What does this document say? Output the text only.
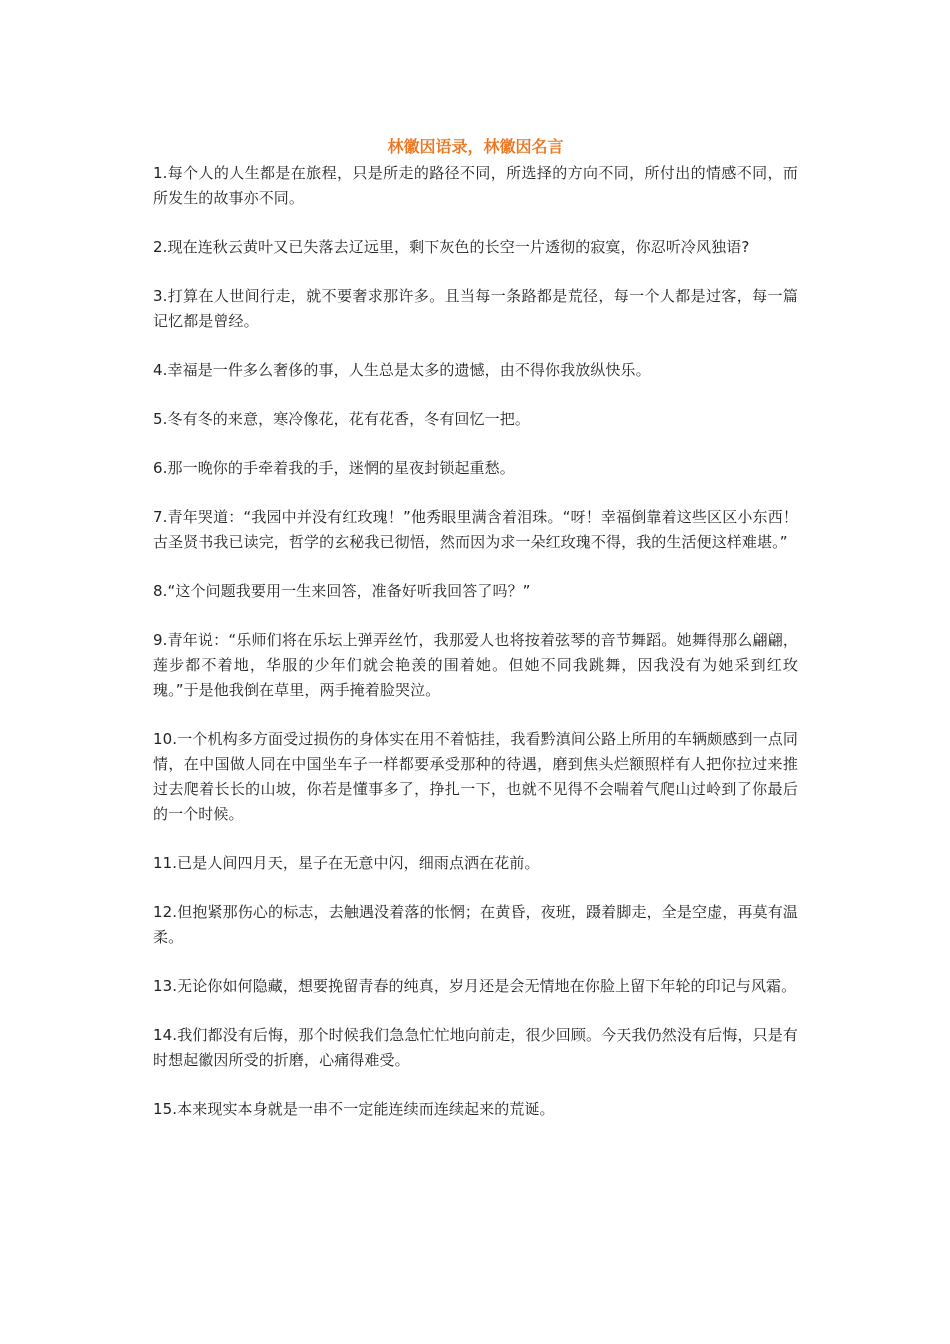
林徽因语录，林徽因名言

1.每个人的人生都是在旅程，只是所走的路径不同，所选择的方向不同，所付出的情感不同，而所发生的故事亦不同。

2.现在连秋云黄叶又已失落去辽远里，剩下灰色的长空一片透彻的寂寞，你忍听冷风独语?

3.打算在人世间行走，就不要奢求那许多。且当每一条路都是荒径，每一个人都是过客，每一篇记忆都是曾经。

4.幸福是一件多么奢侈的事，人生总是太多的遗憾，由不得你我放纵快乐。

5.冬有冬的来意，寒冷像花，花有花香，冬有回忆一把。

6.那一晚你的手牵着我的手，迷惘的星夜封锁起重愁。

7.青年哭道：“我园中并没有红玫瑰！”他秀眼里满含着泪珠。“呀！幸福倒靠着这些区区小东西！古圣贤书我已读完，哲学的玄秘我已彻悟，然而因为求一朵红玫瑰不得，我的生活便这样难堪。”

8.“这个问题我要用一生来回答，准备好听我回答了吗？”

9.青年说：“乐师们将在乐坛上弹弄丝竹，我那爱人也将按着弦琴的音节舞蹈。她舞得那么翩翩，莲步都不着地，华服的少年们就会艳羡的围着她。但她不同我跳舞，因我没有为她采到红玫瑰。”于是他我倒在草里，两手掩着脸哭泣。

10.一个机构多方面受过损伤的身体实在用不着惦挂，我看黔滇间公路上所用的车辆颇感到一点同情，在中国做人同在中国坐车子一样都要承受那种的待遇，磨到焦头烂额照样有人把你拉过来推过去爬着长长的山坡，你若是懂事多了，挣扎一下，也就不见得不会喘着气爬山过岭到了你最后的一个时候。

11.已是人间四月天，星子在无意中闪，细雨点洒在花前。

12.但抱紧那伤心的标志，去触遇没着落的怅惘；在黄昏，夜班，蹑着脚走，全是空虚，再莫有温柔。

13.无论你如何隐藏，想要挽留青春的纯真，岁月还是会无情地在你脸上留下年轮的印记与风霜。

14.我们都没有后悔，那个时候我们急急忙忙地向前走，很少回顾。今天我仍然没有后悔，只是有时想起徽因所受的折磨，心痛得难受。

15.本来现实本身就是一串不一定能连续而连续起来的荒诞。
